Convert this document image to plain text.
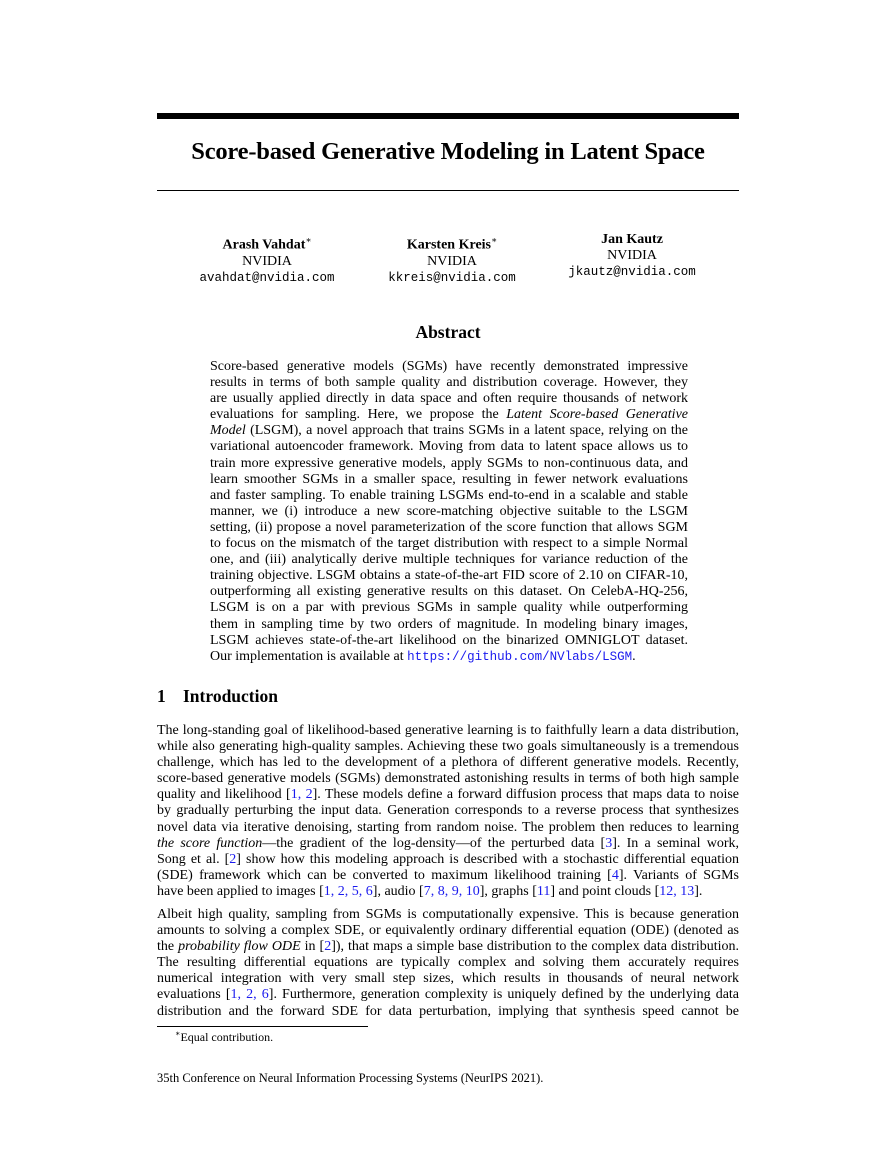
Score-based Generative Modeling in Latent Space
Arash Vahdat∗
NVIDIA
avahdat@nvidia.com
Karsten Kreis∗
NVIDIA
kkreis@nvidia.com
Jan Kautz
NVIDIA
jkautz@nvidia.com
Abstract
Score-based generative models (SGMs) have recently demonstrated impressive
results in terms of both sample quality and distribution coverage. However, they
are usually applied directly in data space and often require thousands of network
evaluations for sampling. Here, we propose the Latent Score-based Generative
Model (LSGM), a novel approach that trains SGMs in a latent space, relying on the
variational autoencoder framework. Moving from data to latent space allows us to
train more expressive generative models, apply SGMs to non-continuous data, and
learn smoother SGMs in a smaller space, resulting in fewer network evaluations
and faster sampling. To enable training LSGMs end-to-end in a scalable and stable
manner, we (i) introduce a new score-matching objective suitable to the LSGM
setting, (ii) propose a novel parameterization of the score function that allows SGM
to focus on the mismatch of the target distribution with respect to a simple Normal
one, and (iii) analytically derive multiple techniques for variance reduction of the
training objective. LSGM obtains a state-of-the-art FID score of 2.10 on CIFAR-10,
outperforming all existing generative results on this dataset. On CelebA-HQ-256,
LSGM is on a par with previous SGMs in sample quality while outperforming
them in sampling time by two orders of magnitude. In modeling binary images,
LSGM achieves state-of-the-art likelihood on the binarized OMNIGLOT dataset.
Our implementation is available at https://github.com/NVlabs/LSGM.
1 Introduction
The long-standing goal of likelihood-based generative learning is to faithfully learn a data distribution,
while also generating high-quality samples. Achieving these two goals simultaneously is a tremendous
challenge, which has led to the development of a plethora of different generative models. Recently,
score-based generative models (SGMs) demonstrated astonishing results in terms of both high sample
quality and likelihood [1, 2]. These models define a forward diffusion process that maps data to noise
by gradually perturbing the input data. Generation corresponds to a reverse process that synthesizes
novel data via iterative denoising, starting from random noise. The problem then reduces to learning
the score function—the gradient of the log-density—of the perturbed data [3]. In a seminal work,
Song et al. [2] show how this modeling approach is described with a stochastic differential equation
(SDE) framework which can be converted to maximum likelihood training [4]. Variants of SGMs
have been applied to images [1, 2, 5, 6], audio [7, 8, 9, 10], graphs [11] and point clouds [12, 13].
Albeit high quality, sampling from SGMs is computationally expensive. This is because generation
amounts to solving a complex SDE, or equivalently ordinary differential equation (ODE) (denoted as
the probability flow ODE in [2]), that maps a simple base distribution to the complex data distribution.
The resulting differential equations are typically complex and solving them accurately requires
numerical integration with very small step sizes, which results in thousands of neural network
evaluations [1, 2, 6]. Furthermore, generation complexity is uniquely defined by the underlying data
distribution and the forward SDE for data perturbation, implying that synthesis speed cannot be
∗Equal contribution.
35th Conference on Neural Information Processing Systems (NeurIPS 2021).
